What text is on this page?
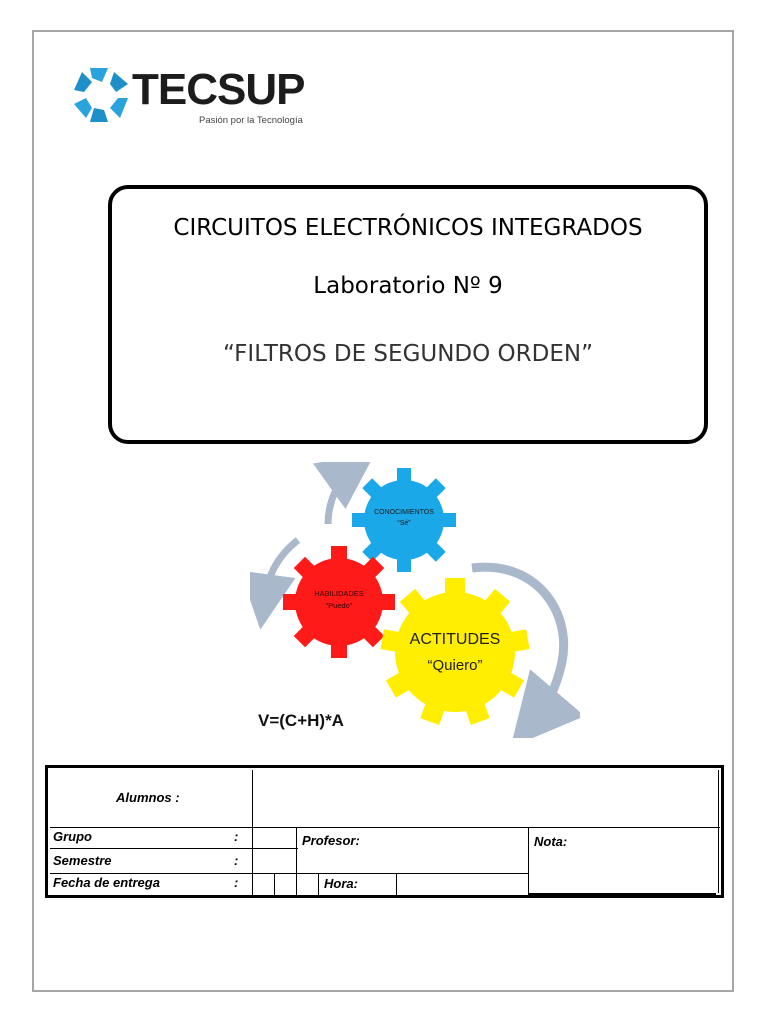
TECSUP
Pasión por la Tecnología
CIRCUITOS ELECTRÓNICOS INTEGRADOS
Laboratorio Nº 9
“FILTROS DE SEGUNDO ORDEN”
CONOCIMIENTOS
“Sé”
HABILIDADES
“Puedo”
ACTITUDES
“Quiero”
V=(C+H)*A
Alumnos :
Grupo	:
Semestre	:
Fecha de entrega	:
Profesor:
Hora:
Nota:
